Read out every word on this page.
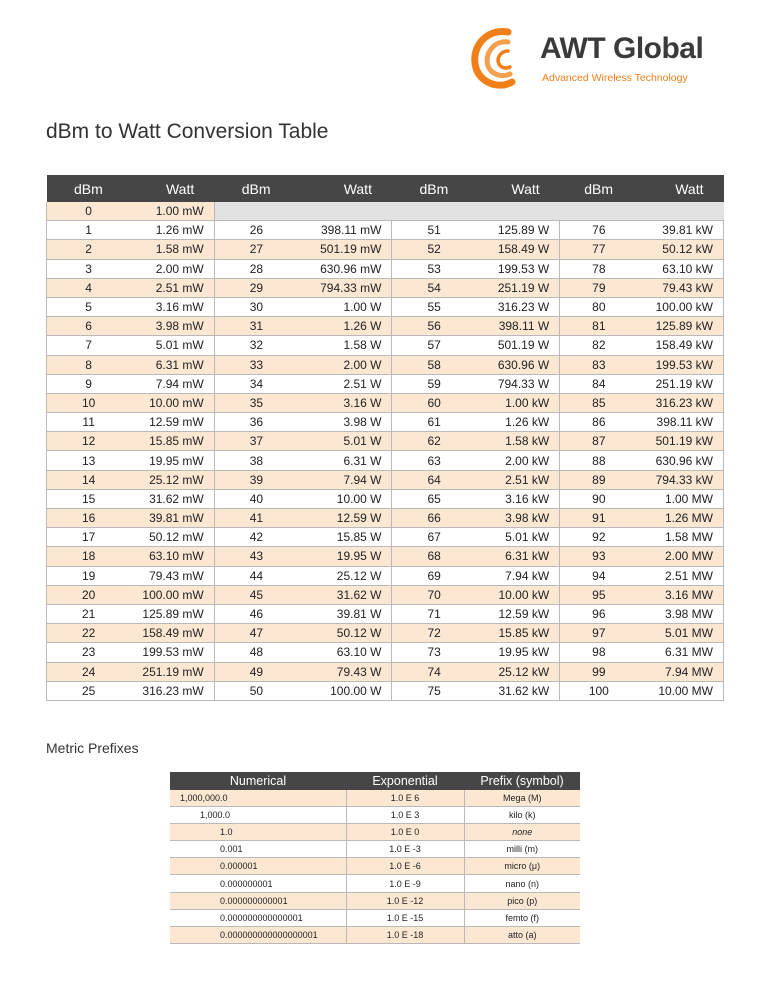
AWT Global
Advanced Wireless Technology
dBm to Watt Conversion Table
dBm	Watt	dBm	Watt	dBm	Watt	dBm	Watt
0	1.00 mW						
1	1.26 mW	26	398.11 mW	51	125.89 W	76	39.81 kW
2	1.58 mW	27	501.19 mW	52	158.49 W	77	50.12 kW
3	2.00 mW	28	630.96 mW	53	199.53 W	78	63.10 kW
4	2.51 mW	29	794.33 mW	54	251.19 W	79	79.43 kW
5	3.16 mW	30	1.00 W	55	316.23 W	80	100.00 kW
6	3.98 mW	31	1.26 W	56	398.11 W	81	125.89 kW
7	5.01 mW	32	1.58 W	57	501.19 W	82	158.49 kW
8	6.31 mW	33	2.00 W	58	630.96 W	83	199.53 kW
9	7.94 mW	34	2.51 W	59	794.33 W	84	251.19 kW
10	10.00 mW	35	3.16 W	60	1.00 kW	85	316.23 kW
11	12.59 mW	36	3.98 W	61	1.26 kW	86	398.11 kW
12	15.85 mW	37	5.01 W	62	1.58 kW	87	501.19 kW
13	19.95 mW	38	6.31 W	63	2.00 kW	88	630.96 kW
14	25.12 mW	39	7.94 W	64	2.51 kW	89	794.33 kW
15	31.62 mW	40	10.00 W	65	3.16 kW	90	1.00 MW
16	39.81 mW	41	12.59 W	66	3.98 kW	91	1.26 MW
17	50.12 mW	42	15.85 W	67	5.01 kW	92	1.58 MW
18	63.10 mW	43	19.95 W	68	6.31 kW	93	2.00 MW
19	79.43 mW	44	25.12 W	69	7.94 kW	94	2.51 MW
20	100.00 mW	45	31.62 W	70	10.00 kW	95	3.16 MW
21	125.89 mW	46	39.81 W	71	12.59 kW	96	3.98 MW
22	158.49 mW	47	50.12 W	72	15.85 kW	97	5.01 MW
23	199.53 mW	48	63.10 W	73	19.95 kW	98	6.31 MW
24	251.19 mW	49	79.43 W	74	25.12 kW	99	7.94 MW
25	316.23 mW	50	100.00 W	75	31.62 kW	100	10.00 MW
Metric Prefixes
Numerical	Exponential	Prefix (symbol)
1,000,000.0	1.0 E 6	Mega (M)
1,000.0	1.0 E 3	kilo (k)
1.0	1.0 E 0	none
0.001	1.0 E -3	milli (m)
0.000001	1.0 E -6	micro (μ)
0.000000001	1.0 E -9	nano (n)
0.000000000001	1.0 E -12	pico (p)
0.000000000000001	1.0 E -15	femto (f)
0.000000000000000001	1.0 E -18	atto (a)
